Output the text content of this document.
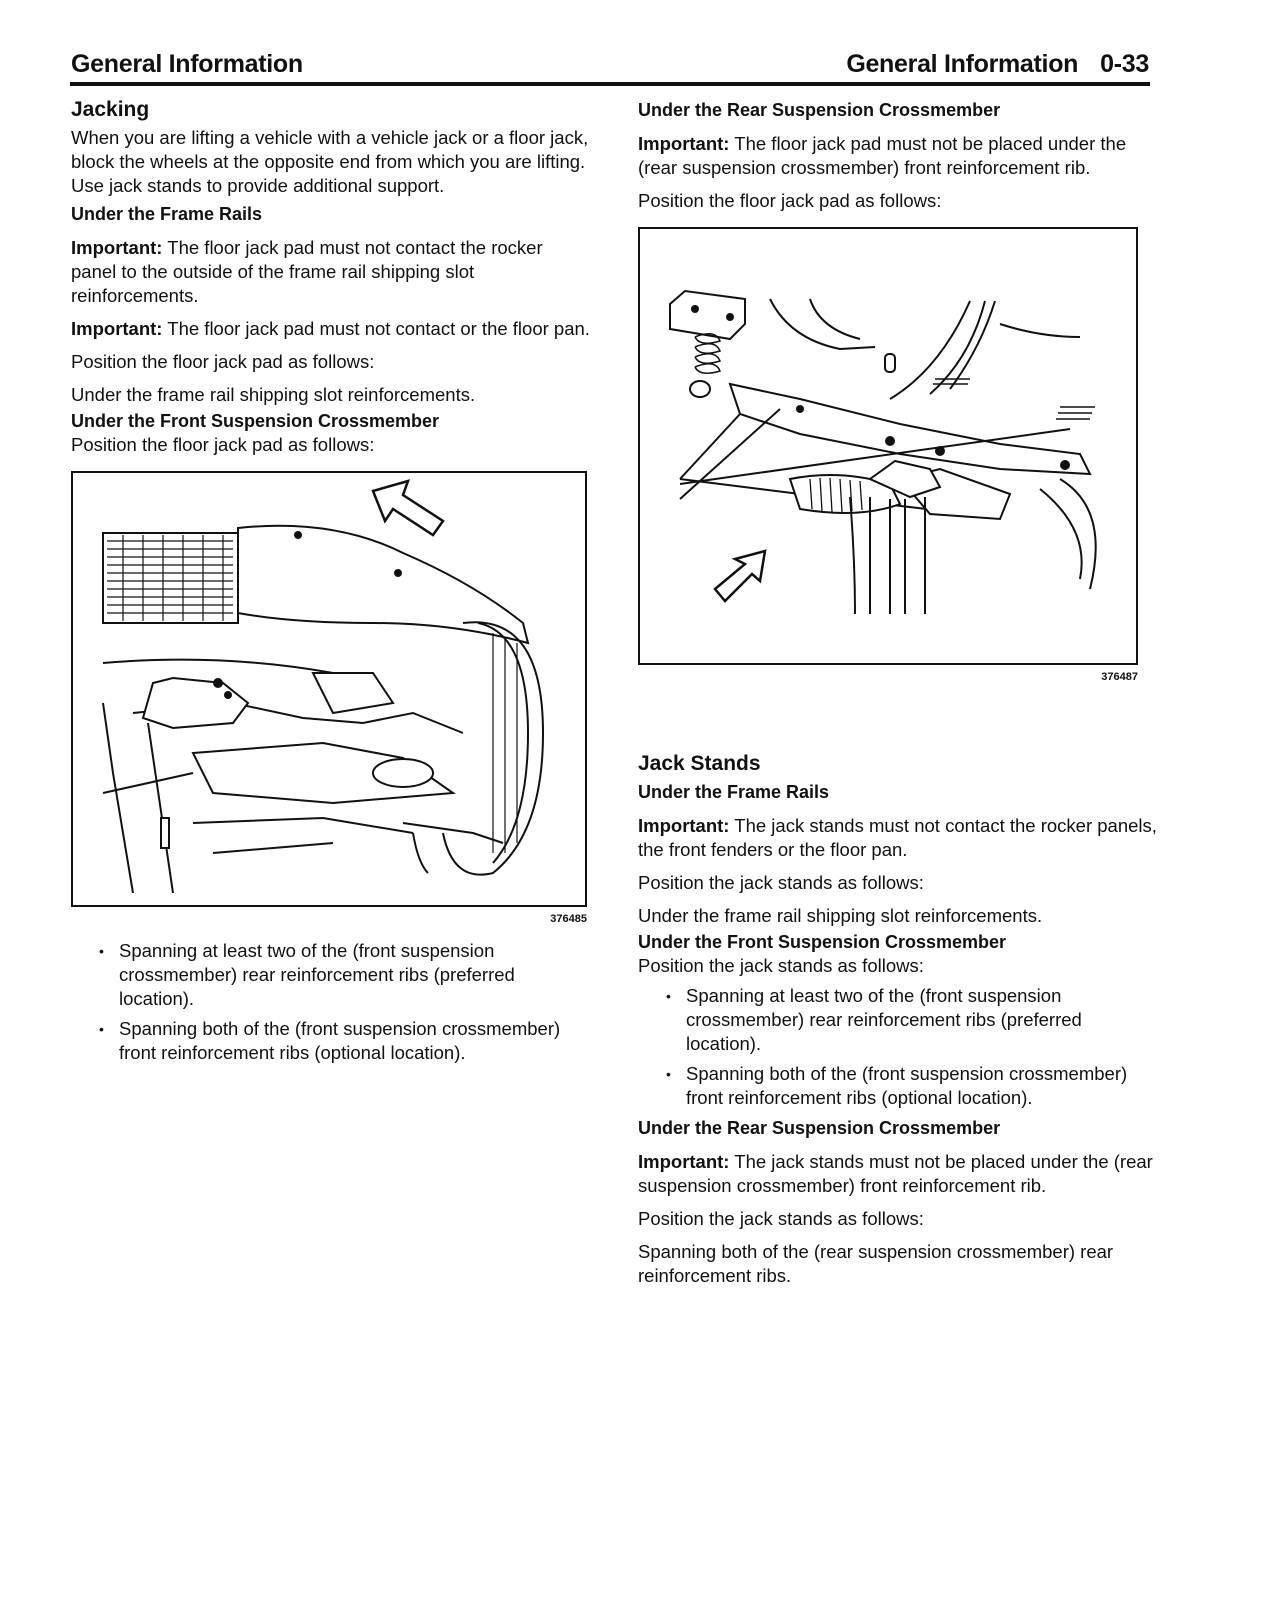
General Information	General Information 0-33
Jacking

When you are lifting a vehicle with a vehicle jack or a floor jack, block the wheels at the opposite end from which you are lifting. Use jack stands to provide additional support.

Under the Frame Rails

Important: The floor jack pad must not contact the rocker panel to the outside of the frame rail shipping slot reinforcements.

Important: The floor jack pad must not contact or the floor pan.

Position the floor jack pad as follows:

Under the frame rail shipping slot reinforcements.

Under the Front Suspension Crossmember

Position the floor jack pad as follows:

376485
• Spanning at least two of the (front suspension crossmember) rear reinforcement ribs (preferred location).
• Spanning both of the (front suspension crossmember) front reinforcement ribs (optional location).
Under the Rear Suspension Crossmember

Important: The floor jack pad must not be placed under the (rear suspension crossmember) front reinforcement rib.

Position the floor jack pad as follows:

376487
Jack Stands
Under the Frame Rails

Important: The jack stands must not contact the rocker panels, the front fenders or the floor pan.

Position the jack stands as follows:

Under the frame rail shipping slot reinforcements.

Under the Front Suspension Crossmember

Position the jack stands as follows:

• Spanning at least two of the (front suspension crossmember) rear reinforcement ribs (preferred location).
• Spanning both of the (front suspension crossmember) front reinforcement ribs (optional location).
Under the Rear Suspension Crossmember

Important: The jack stands must not be placed under the (rear suspension crossmember) front reinforcement rib.

Position the jack stands as follows:

Spanning both of the (rear suspension crossmember) rear reinforcement ribs.
